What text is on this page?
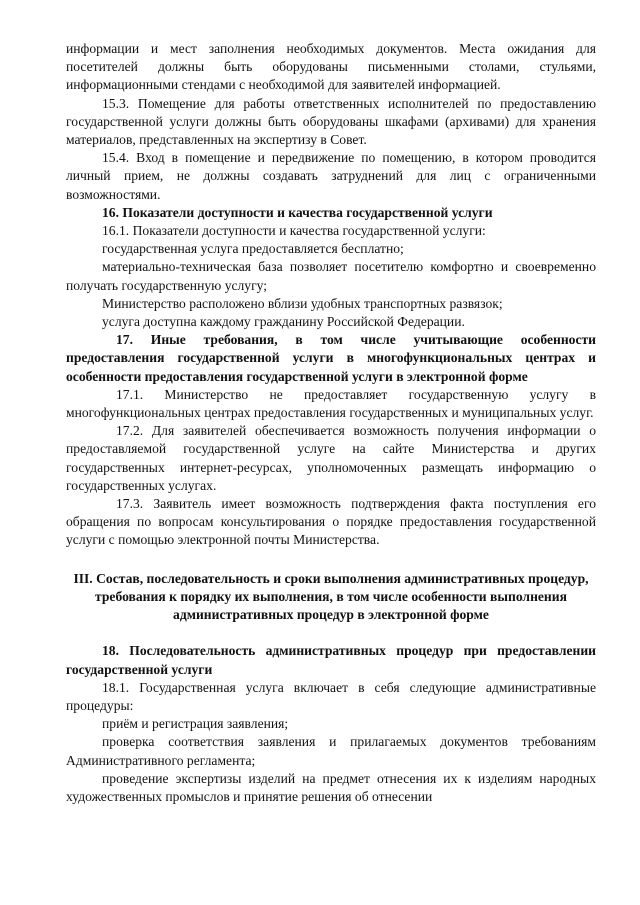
информации и мест заполнения необходимых документов. Места ожидания для посетителей должны быть оборудованы письменными столами, стульями, информационными стендами с необходимой для заявителей информацией.

15.3. Помещение для работы ответственных исполнителей по предоставлению государственной услуги должны быть оборудованы шкафами (архивами) для хранения материалов, представленных на экспертизу в Совет.

15.4. Вход в помещение и передвижение по помещению, в котором проводится личный прием, не должны создавать затруднений для лиц с ограниченными возможностями.

16. Показатели доступности и качества государственной услуги

16.1. Показатели доступности и качества государственной услуги:

государственная услуга предоставляется бесплатно;

материально-техническая база позволяет посетителю комфортно и своевременно получать государственную услугу;

Министерство расположено вблизи удобных транспортных развязок;

услуга доступна каждому гражданину Российской Федерации.

17. Иные требования, в том числе учитывающие особенности предоставления государственной услуги в многофункциональных центрах и особенности предоставления государственной услуги в электронной форме

17.1. Министерство не предоставляет государственную услугу в многофункциональных центрах предоставления государственных и муниципальных услуг.

17.2. Для заявителей обеспечивается возможность получения информации о предоставляемой государственной услуге на сайте Министерства и других государственных интернет-ресурсах, уполномоченных размещать информацию о государственных услугах.

17.3. Заявитель имеет возможность подтверждения факта поступления его обращения по вопросам консультирования о порядке предоставления государственной услуги с помощью электронной почты Министерства.

III. Состав, последовательность и сроки выполнения административных процедур, требования к порядку их выполнения, в том числе особенности выполнения административных процедур в электронной форме

18. Последовательность административных процедур при предоставлении государственной услуги

18.1. Государственная услуга включает в себя следующие административные процедуры:

приём и регистрация заявления;

проверка соответствия заявления и прилагаемых документов требованиям Административного регламента;

проведение экспертизы изделий на предмет отнесения их к изделиям народных художественных промыслов и принятие решения об отнесении
